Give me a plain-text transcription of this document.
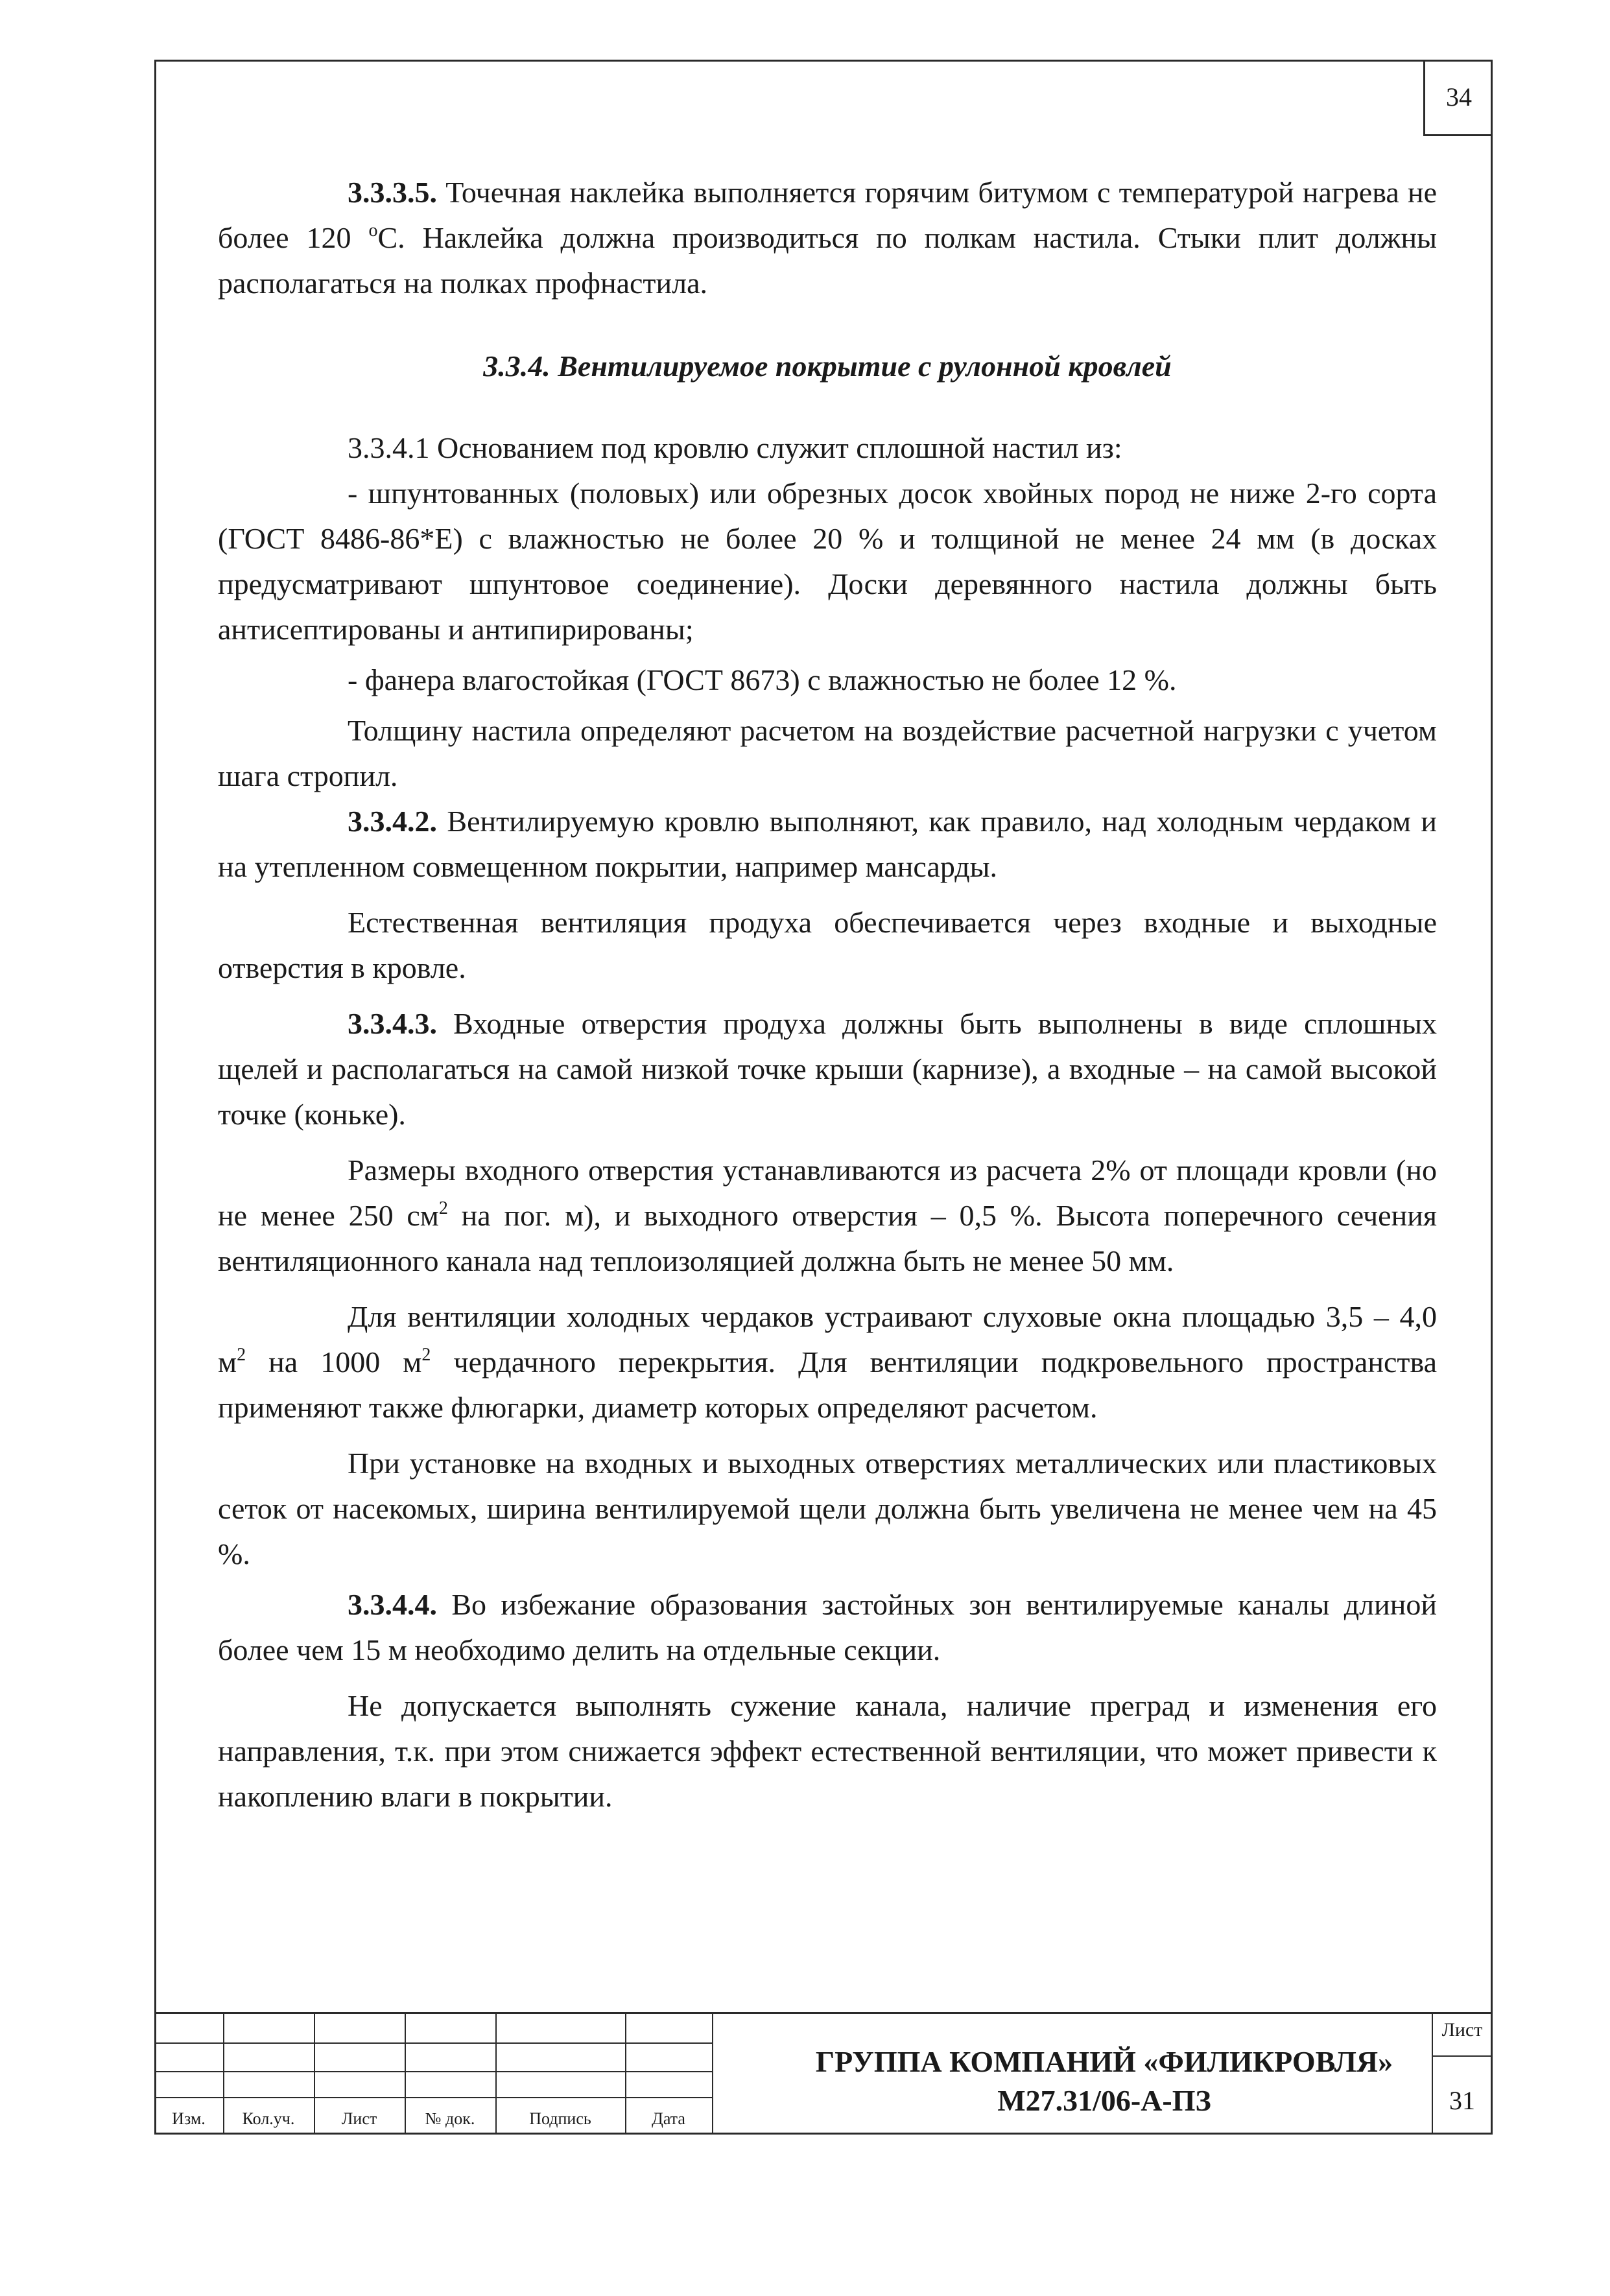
34

3.3.3.5. Точечная наклейка выполняется горячим битумом с температурой нагрева не более 120 $^o$С. Наклейка должна производиться по полкам настила. Стыки плит должны располагаться на полках профнастила.

3.3.4. Вентилируемое покрытие с рулонной кровлей

3.3.4.1 Основанием под кровлю служит сплошной настил из:

- шпунтованных (половых) или обрезных досок хвойных пород не ниже 2-го сорта (ГОСТ 8486-86*Е) с влажностью не более 20 % и толщиной не менее 24 мм (в досках предусматривают шпунтовое соединение). Доски деревянного настила должны быть антисептированы и антипирированы;

- фанера влагостойкая (ГОСТ 8673) с влажностью не более 12 %.

Толщину настила определяют расчетом на воздействие расчетной нагрузки с учетом шага стропил.

3.3.4.2. Вентилируемую кровлю выполняют, как правило, над холодным чердаком и на утепленном совмещенном покрытии, например мансарды.

Естественная вентиляция продуха обеспечивается через входные и выходные отверстия в кровле.

3.3.4.3. Входные отверстия продуха должны быть выполнены в виде сплошных щелей и располагаться на самой низкой точке крыши (карнизе), а входные – на самой высокой точке (коньке).

Размеры входного отверстия устанавливаются из расчета 2% от площади кровли (но не менее 250 $см^2$ на пог. м), и выходного отверстия – 0,5 %. Высота поперечного сечения вентиляционного канала над теплоизоляцией должна быть не менее 50 мм.

Для вентиляции холодных чердаков устраивают слуховые окна площадью 3,5 – 4,0 $м^2$ на 1000 $м^2$ чердачного перекрытия. Для вентиляции подкровельного пространства применяют также флюгарки, диаметр которых определяют расчетом.

При установке на входных и выходных отверстиях металлических или пластиковых сеток от насекомых, ширина вентилируемой щели должна быть увеличена не менее чем на 45 %.

3.3.4.4. Во избежание образования застойных зон вентилируемые каналы длиной более чем 15 м необходимо делить на отдельные секции.

Не допускается выполнять сужение канала, наличие преград и изменения его направления, т.к. при этом снижается эффект естественной вентиляции, что может привести к накоплению влаги в покрытии.

Изм.	Кол.уч.	Лист	№ док.	Подпись	Дата
ГРУППА КОМПАНИЙ «ФИЛИКРОВЛЯ»
М27.31/06-А-ПЗ
Лист
31
